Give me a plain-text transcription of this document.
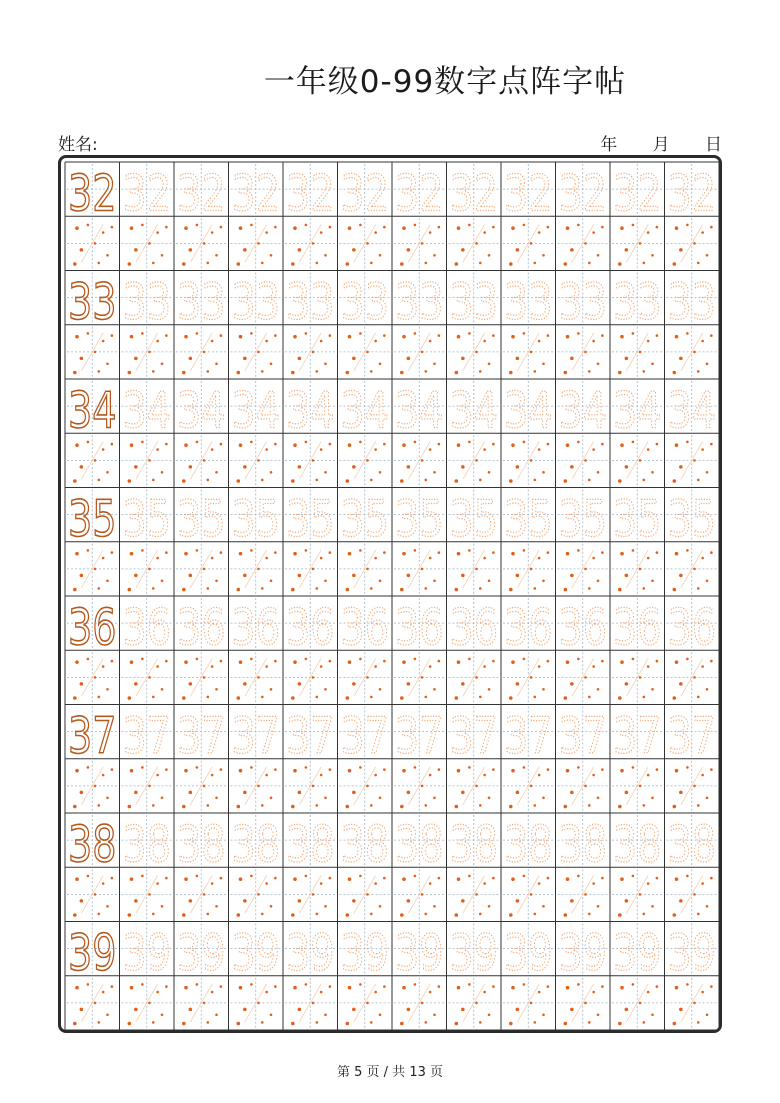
一年级0-99数字点阵字帖
姓名:	年 月 日
32 32 32 32 32 32 32 32 32 32 32 32
33 33 33 33 33 33 33 33 33 33 33 33
34 34 34 34 34 34 34 34 34 34 34 34
35 35 35 35 35 35 35 35 35 35 35 35
36 36 36 36 36 36 36 36 36 36 36 36
37 37 37 37 37 37 37 37 37 37 37 37
38 38 38 38 38 38 38 38 38 38 38 38
39 39 39 39 39 39 39 39 39 39 39 39
第 5 页 / 共 13 页
